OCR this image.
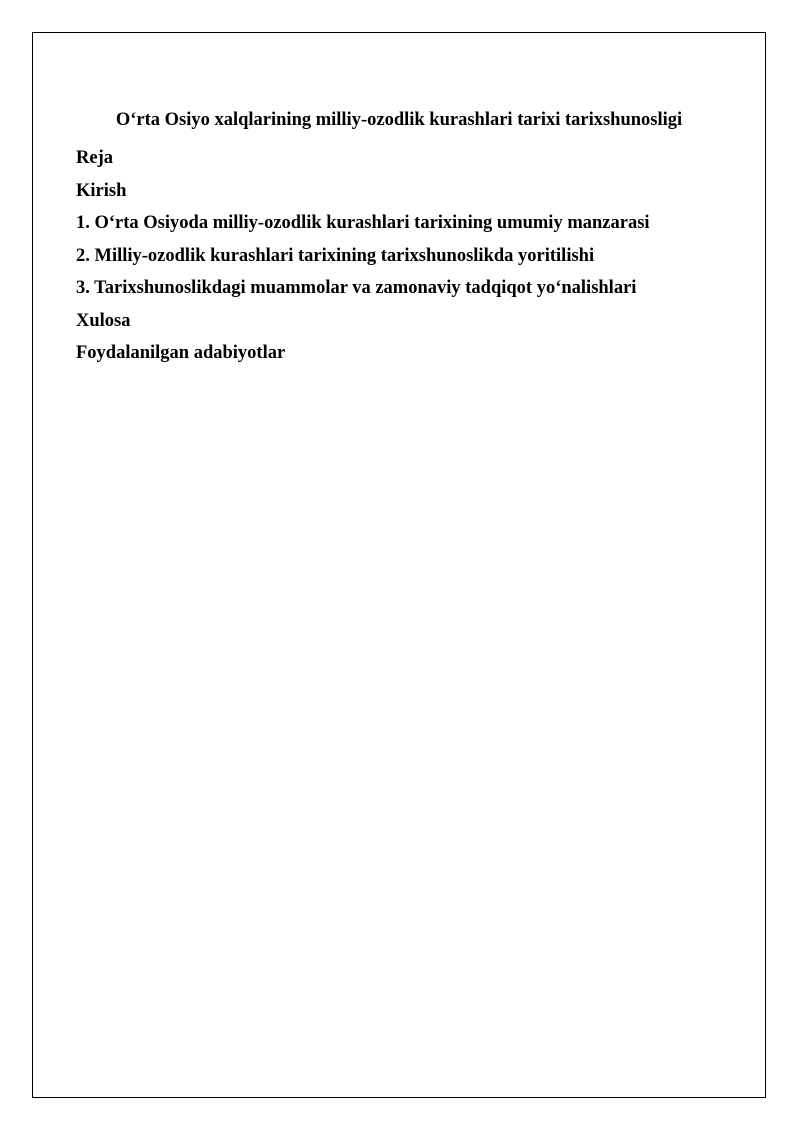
O‘rta Osiyo xalqlarining milliy-ozodlik kurashlari tarixi tarixshunosligi
Reja
Kirish
1. O‘rta Osiyoda milliy-ozodlik kurashlari tarixining umumiy manzarasi
2. Milliy-ozodlik kurashlari tarixining tarixshunoslikda yoritilishi
3. Tarixshunoslikdagi muammolar va zamonaviy tadqiqot yo‘nalishlari
Xulosa
Foydalanilgan adabiyotlar
